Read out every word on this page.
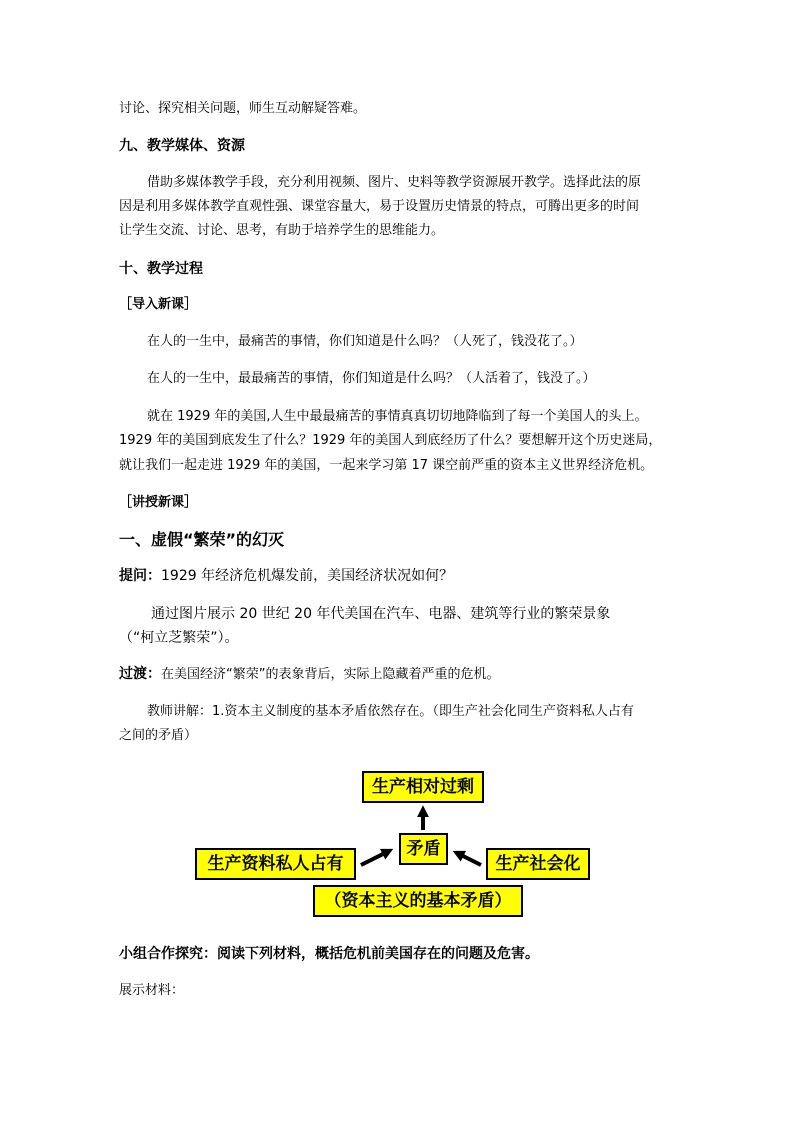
讨论、探究相关问题，师生互动解疑答难。
九、教学媒体、资源
借助多媒体教学手段，充分利用视频、图片、史料等教学资源展开教学。选择此法的原
因是利用多媒体教学直观性强、课堂容量大，易于设置历史情景的特点，可腾出更多的时间
让学生交流、讨论、思考，有助于培养学生的思维能力。
十、教学过程
［导入新课］
在人的一生中，最痛苦的事情，你们知道是什么吗？（人死了，钱没花了。）
在人的一生中，最最痛苦的事情，你们知道是什么吗？（人活着了，钱没了。）
就在 1929 年的美国,人生中最最痛苦的事情真真切切地降临到了每一个美国人的头上。
1929 年的美国到底发生了什么？1929 年的美国人到底经历了什么？要想解开这个历史迷局，
就让我们一起走进 1929 年的美国，一起来学习第 17 课空前严重的资本主义世界经济危机。
［讲授新课］
一、虚假“繁荣”的幻灭
提问：1929 年经济危机爆发前，美国经济状况如何？
通过图片展示 20 世纪 20 年代美国在汽车、电器、建筑等行业的繁荣景象
（“柯立芝繁荣”）。
过渡：在美国经济“繁荣”的表象背后，实际上隐藏着严重的危机。
教师讲解：1.资本主义制度的基本矛盾依然存在。（即生产社会化同生产资料私人占有
之间的矛盾）
生产相对过剩
矛盾
生产资料私人占有	生产社会化
（资本主义的基本矛盾）
小组合作探究：阅读下列材料，概括危机前美国存在的问题及危害。
展示材料：
